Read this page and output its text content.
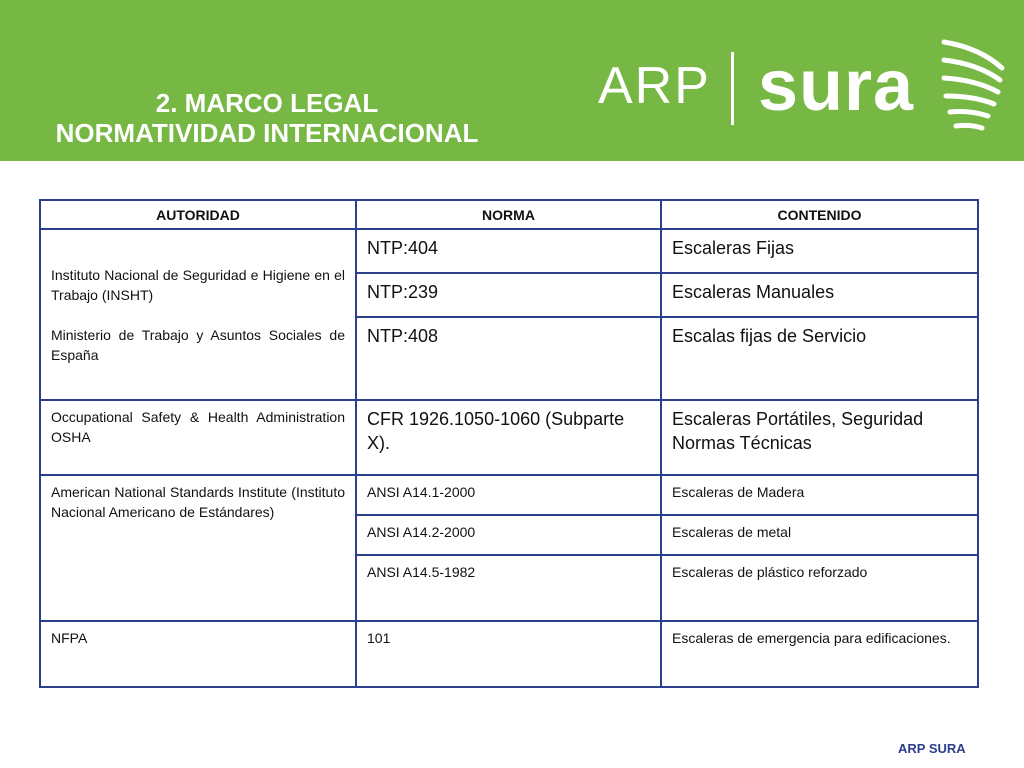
2. MARCO LEGAL
NORMATIVIDAD INTERNACIONAL
ARP sura
AUTORIDAD	NORMA	CONTENIDO

Instituto Nacional de Seguridad e Higiene en el Trabajo (INSHT)

Ministerio de Trabajo y Asuntos Sociales de España	NTP:404	Escaleras Fijas
	NTP:239	Escaleras Manuales
	NTP:408	Escalas fijas de Servicio
Occupational Safety & Health Administration OSHA	CFR 1926.1050-1060 (Subparte X).	Escaleras Portátiles, Seguridad Normas Técnicas
American National Standards Institute (Instituto Nacional Americano de Estándares)	ANSI A14.1-2000	Escaleras de Madera
	ANSI A14.2-2000	Escaleras de metal
	ANSI A14.5-1982	Escaleras de plástico reforzado
NFPA	101	Escaleras de emergencia para edificaciones.
ARP SURA
